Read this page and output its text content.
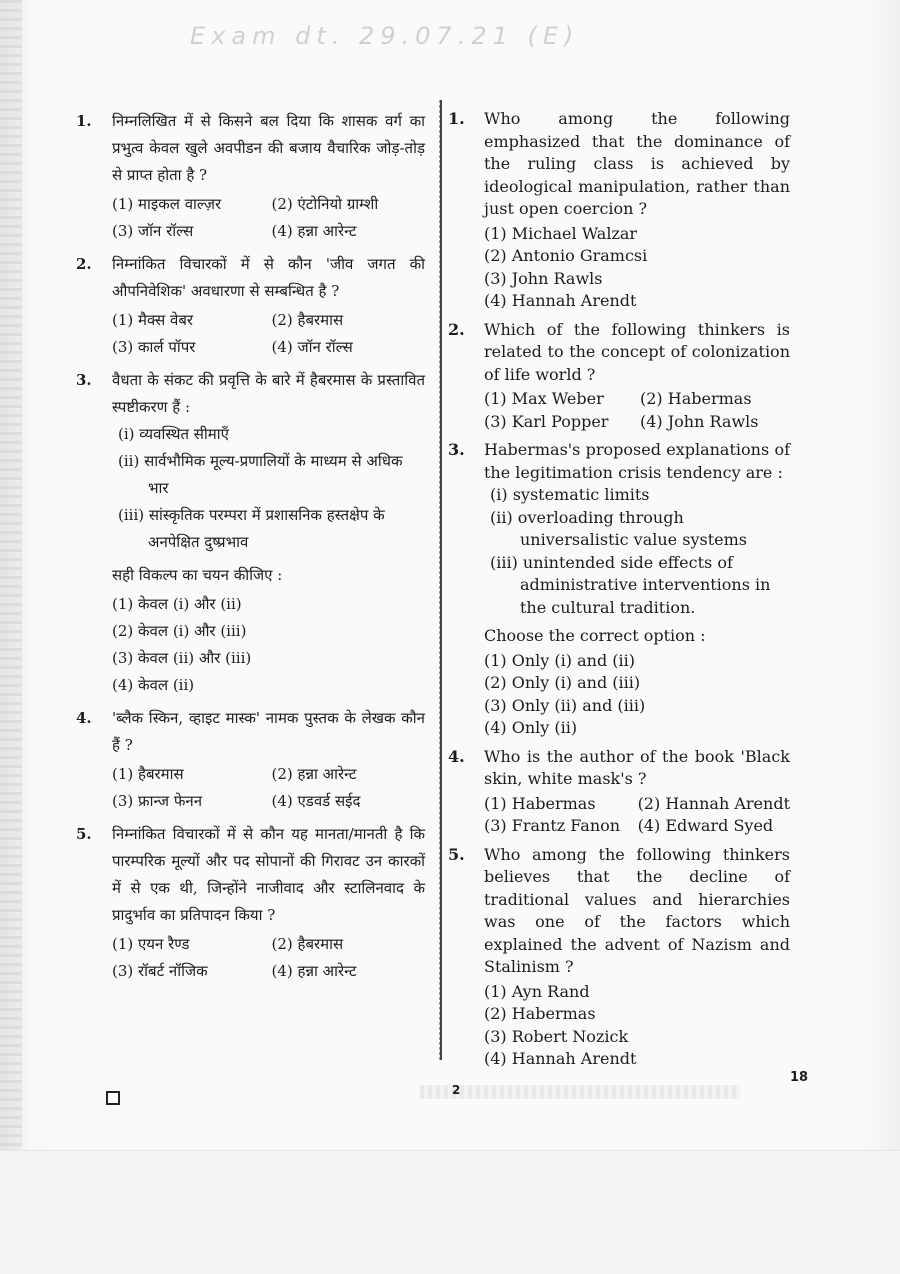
Exam dt. 29.07.21 (E)
1. निम्नलिखित में से किसने बल दिया कि शासक वर्ग का प्रभुत्व केवल खुले अवपीडन की बजाय वैचारिक जोड़-तोड़ से प्राप्त होता है ?
(1) माइकल वाल्ज़र	(2) एंटोनियो ग्राम्शी
(3) जॉन रॉल्स	(4) हन्ना आरेन्ट
2. निम्नांकित विचारकों में से कौन 'जीव जगत की औपनिवेशिक' अवधारणा से सम्बन्धित है ?
(1) मैक्स वेबर	(2) हैबरमास
(3) कार्ल पॉपर	(4) जॉन रॉल्स
3. वैधता के संकट की प्रवृत्ति के बारे में हैबरमास के प्रस्तावित स्पष्टीकरण हैं :
(i) व्यवस्थित सीमाएँ
(ii) सार्वभौमिक मूल्य-प्रणालियों के माध्यम से अधिक भार
(iii) सांस्कृतिक परम्परा में प्रशासनिक हस्तक्षेप के अनपेक्षित दुष्प्रभाव
सही विकल्प का चयन कीजिए :
(1) केवल (i) और (ii)
(2) केवल (i) और (iii)
(3) केवल (ii) और (iii)
(4) केवल (ii)
4. 'ब्लैक स्किन, व्हाइट मास्क' नामक पुस्तक के लेखक कौन हैं ?
(1) हैबरमास	(2) हन्ना आरेन्ट
(3) फ्रान्ज फेनन	(4) एडवर्ड सईद
5. निम्नांकित विचारकों में से कौन यह मानता/मानती है कि पारम्परिक मूल्यों और पद सोपानों की गिरावट उन कारकों में से एक थी, जिन्होंने नाजीवाद और स्टालिनवाद के प्रादुर्भाव का प्रतिपादन किया ?
(1) एयन रैण्ड	(2) हैबरमास
(3) रॉबर्ट नॉजिक	(4) हन्ना आरेन्ट
1. Who among the following emphasized that the dominance of the ruling class is achieved by ideological manipulation, rather than just open coercion ?
(1) Michael Walzar
(2) Antonio Gramcsi
(3) John Rawls
(4) Hannah Arendt
2. Which of the following thinkers is related to the concept of colonization of life world ?
(1) Max Weber	(2) Habermas
(3) Karl Popper	(4) John Rawls
3. Habermas's proposed explanations of the legitimation crisis tendency are :
(i) systematic limits
(ii) overloading through universalistic value systems
(iii) unintended side effects of administrative interventions in the cultural tradition.
Choose the correct option :
(1) Only (i) and (ii)
(2) Only (i) and (iii)
(3) Only (ii) and (iii)
(4) Only (ii)
4. Who is the author of the book 'Black skin, white mask's ?
(1) Habermas	(2) Hannah Arendt
(3) Frantz Fanon	(4) Edward Syed
5. Who among the following thinkers believes that the decline of traditional values and hierarchies was one of the factors which explained the advent of Nazism and Stalinism ?
(1) Ayn Rand
(2) Habermas
(3) Robert Nozick
(4) Hannah Arendt
2
18
